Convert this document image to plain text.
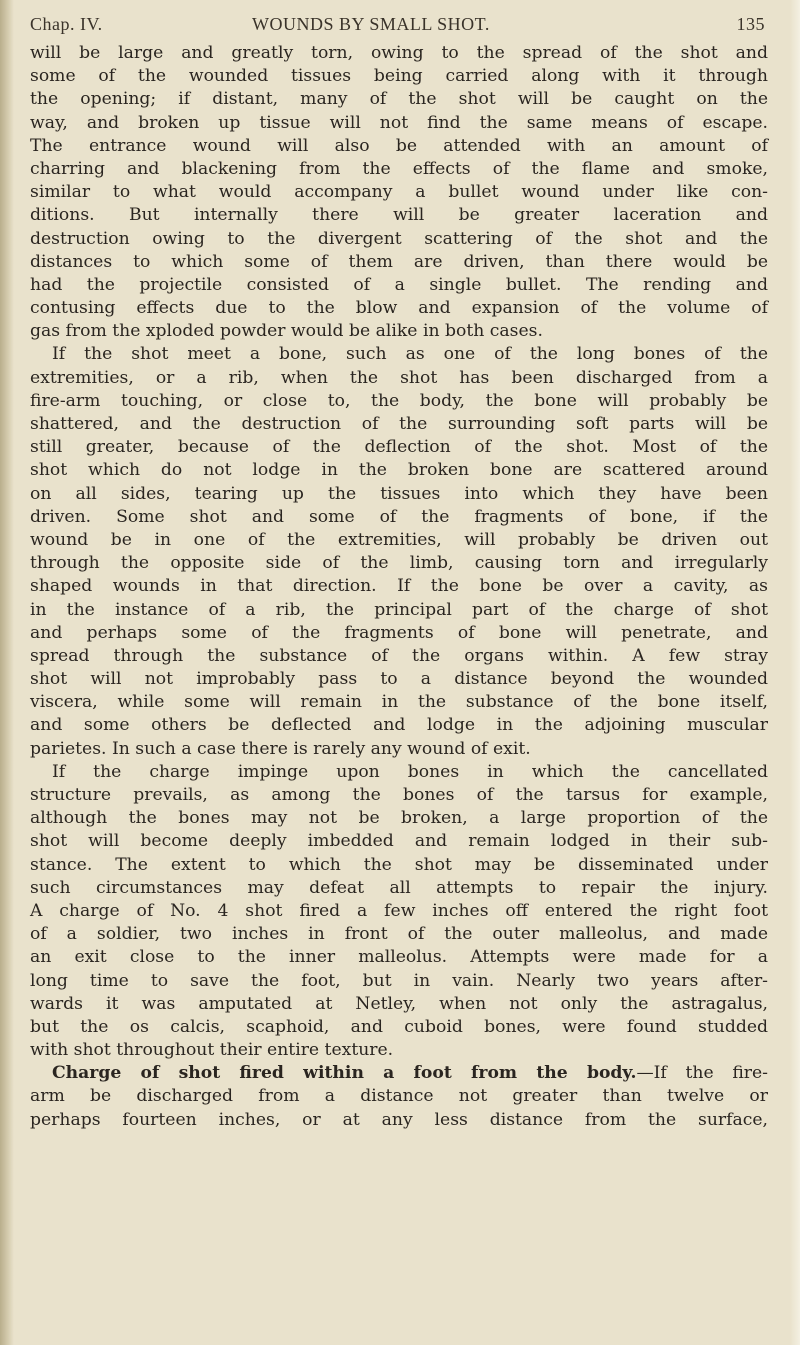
Chap. IV.	WOUNDS BY SMALL SHOT.	135
will be large and greatly torn, owing to the spread of the shot and
some of the wounded tissues being carried along with it through
the opening; if distant, many of the shot will be caught on the
way, and broken up tissue will not find the same means of escape.
The entrance wound will also be attended with an amount of
charring and blackening from the effects of the flame and smoke,
similar to what would accompany a bullet wound under like con-
ditions. But internally there will be greater laceration and
destruction owing to the divergent scattering of the shot and the
distances to which some of them are driven, than there would be
had the projectile consisted of a single bullet. The rending and
contusing effects due to the blow and expansion of the volume of
gas from the xploded powder would be alike in both cases.
If the shot meet a bone, such as one of the long bones of the
extremities, or a rib, when the shot has been discharged from a
fire-arm touching, or close to, the body, the bone will probably be
shattered, and the destruction of the surrounding soft parts will be
still greater, because of the deflection of the shot. Most of the
shot which do not lodge in the broken bone are scattered around
on all sides, tearing up the tissues into which they have been
driven. Some shot and some of the fragments of bone, if the
wound be in one of the extremities, will probably be driven out
through the opposite side of the limb, causing torn and irregularly
shaped wounds in that direction. If the bone be over a cavity, as
in the instance of a rib, the principal part of the charge of shot
and perhaps some of the fragments of bone will penetrate, and
spread through the substance of the organs within. A few stray
shot will not improbably pass to a distance beyond the wounded
viscera, while some will remain in the substance of the bone itself,
and some others be deflected and lodge in the adjoining muscular
parietes. In such a case there is rarely any wound of exit.
If the charge impinge upon bones in which the cancellated
structure prevails, as among the bones of the tarsus for example,
although the bones may not be broken, a large proportion of the
shot will become deeply imbedded and remain lodged in their sub-
stance. The extent to which the shot may be disseminated under
such circumstances may defeat all attempts to repair the injury.
A charge of No. 4 shot fired a few inches off entered the right foot
of a soldier, two inches in front of the outer malleolus, and made
an exit close to the inner malleolus. Attempts were made for a
long time to save the foot, but in vain. Nearly two years after-
wards it was amputated at Netley, when not only the astragalus,
but the os calcis, scaphoid, and cuboid bones, were found studded
with shot throughout their entire texture.
Charge of shot fired within a foot from the body.—If the fire-
arm be discharged from a distance not greater than twelve or
perhaps fourteen inches, or at any less distance from the surface,
